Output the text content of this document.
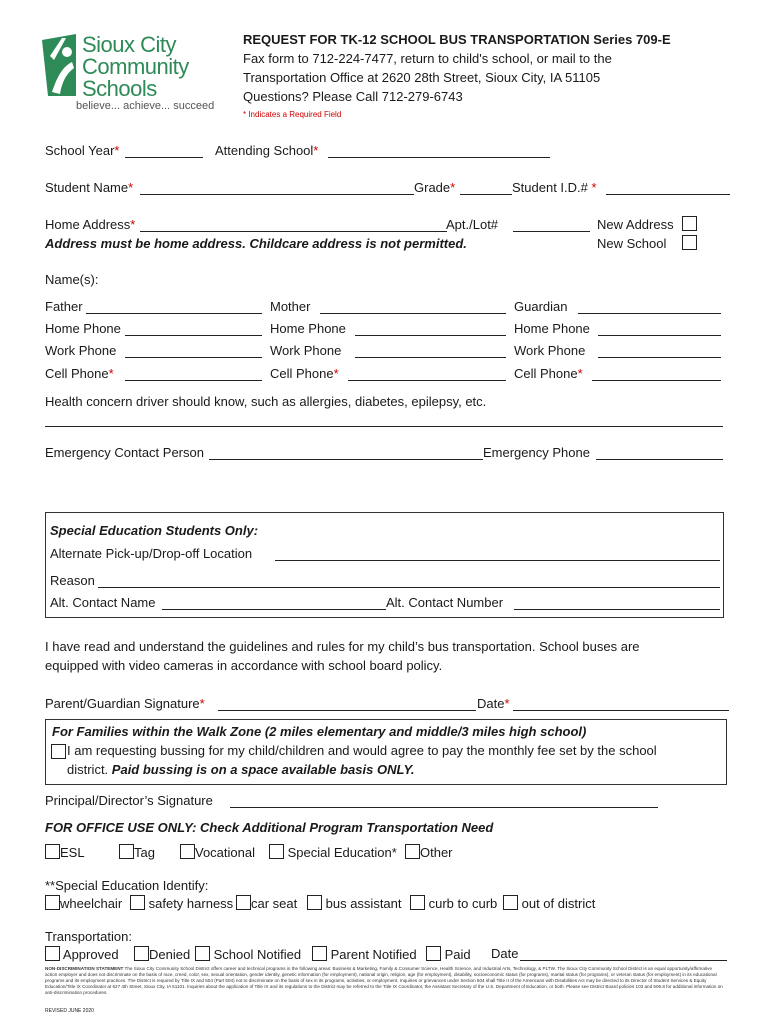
Sioux City
Community
Schools
believe... achieve... succeed
REQUEST FOR TK-12 SCHOOL BUS TRANSPORTATION Series 709-E
Fax form to 712-224-7477, return to child's school, or mail to the
Transportation Office at 2620 28th Street, Sioux City, IA 51105
Questions? Please Call 712-279-6743
* Indicates a Required Field
School Year*	Attending School*
Student Name*	Grade*	Student I.D.# *
Home Address*	Apt./Lot#	New Address
Address must be home address. Childcare address is not permitted.	New School
Name(s):
Father	Mother	Guardian
Home Phone	Home Phone	Home Phone
Work Phone	Work Phone	Work Phone
Cell Phone*	Cell Phone*	Cell Phone*
Health concern driver should know, such as allergies, diabetes, epilepsy, etc.
Emergency Contact Person	Emergency Phone
Special Education Students Only:
Alternate Pick-up/Drop-off Location
Reason
Alt. Contact Name	Alt. Contact Number
I have read and understand the guidelines and rules for my child’s bus transportation. School buses are
equipped with video cameras in accordance with school board policy.
Parent/Guardian Signature*	Date*
For Families within the Walk Zone (2 miles elementary and middle/3 miles high school)
I am requesting bussing for my child/children and would agree to pay the monthly fee set by the school
district. Paid bussing is on a space available basis ONLY.
Principal/Director’s Signature
FOR OFFICE USE ONLY: Check Additional Program Transportation Need
ESL	Tag	Vocational	Special Education*	Other
**Special Education Identify:
wheelchair	safety harness	car seat	bus assistant	curb to curb	out of district
Transportation:
Approved	Denied	School Notified	Parent Notified	Paid Date
NON-DISCRIMINATION STATEMENT The Sioux City Community School District offers career and technical programs in the following areas: Business & Marketing, Family & Consumer Science, Health Science, and Industrial Arts, Technology, & PLTW. The Sioux City Community School District is an equal opportunity/affirmative action employer and does not discriminate on the basis of race, creed, color, sex, sexual orientation, gender identity, genetic information (for employment), national origin, religion, age (for employment), disability, socioeconomic status (for programs), marital status (for programs), or veteran status (for employment) in its educational programs and its employment practices. The District is required by Title IX and 504 (Part 504) not to discriminate on the basis of sex in its programs, activities, or employment. Inquiries or grievances under Section 504 shall Title II of the Americans with Disabilities Act may be directed to its Director of Student Services & Equity Education/Title IX Coordinator at 627 4th Street, Sioux City, IA 51101. Inquiries about the application of Title IX and its regulations to the District may be referred to the Title IX Coordinator, the Assistant Secretary of the U.S. Department of Education, or both. Please see District Board policies 103 and 506.8 for additional information on anti-discrimination procedures.
REVISED JUNE 2020
